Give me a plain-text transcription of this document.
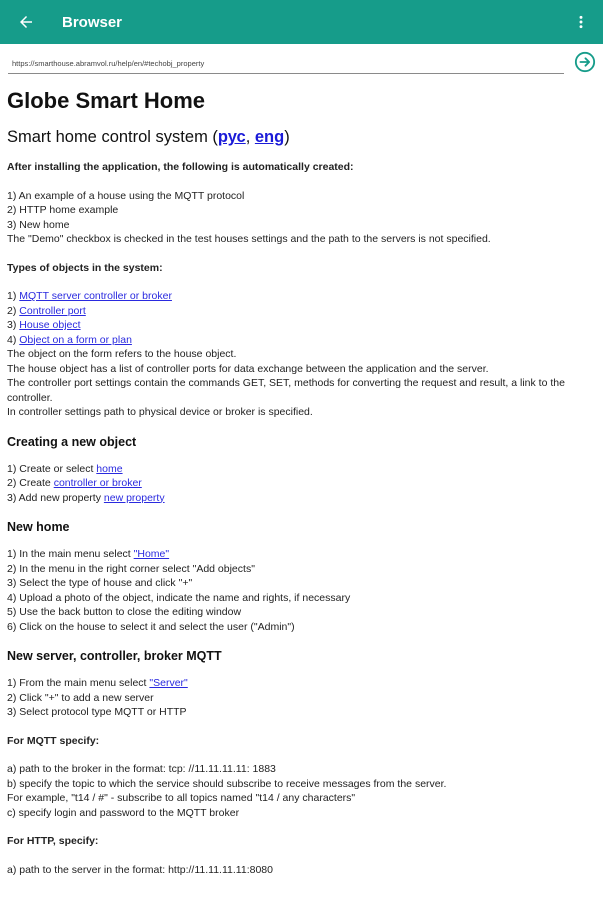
Browser
https://smarthouse.abramvol.ru/help/en/#techobj_property
Globe Smart Home
Smart home control system (рус, eng)
After installing the application, the following is automatically created:
1) An example of a house using the MQTT protocol
2) HTTP home example
3) New home
The "Demo" checkbox is checked in the test houses settings and the path to the servers is not specified.
Types of objects in the system:
1) MQTT server controller or broker
2) Controller port
3) House object
4) Object on a form or plan
The object on the form refers to the house object.
The house object has a list of controller ports for data exchange between the application and the server.
The controller port settings contain the commands GET, SET, methods for converting the request and result, a link to the controller.
In controller settings path to physical device or broker is specified.
Creating a new object
1) Create or select home
2) Create controller or broker
3) Add new property new property
New home
1) In the main menu select "Home"
2) In the menu in the right corner select "Add objects"
3) Select the type of house and click "+"
4) Upload a photo of the object, indicate the name and rights, if necessary
5) Use the back button to close the editing window
6) Click on the house to select it and select the user ("Admin")
New server, controller, broker MQTT
1) From the main menu select "Server"
2) Click "+" to add a new server
3) Select protocol type MQTT or HTTP
For MQTT specify:
a) path to the broker in the format: tcp: //11.11.11.11: 1883
b) specify the topic to which the service should subscribe to receive messages from the server.
For example, "t14 / #" - subscribe to all topics named "t14 / any characters"
c) specify login and password to the MQTT broker
For HTTP, specify:
a) path to the server in the format: http://11.11.11.11:8080
